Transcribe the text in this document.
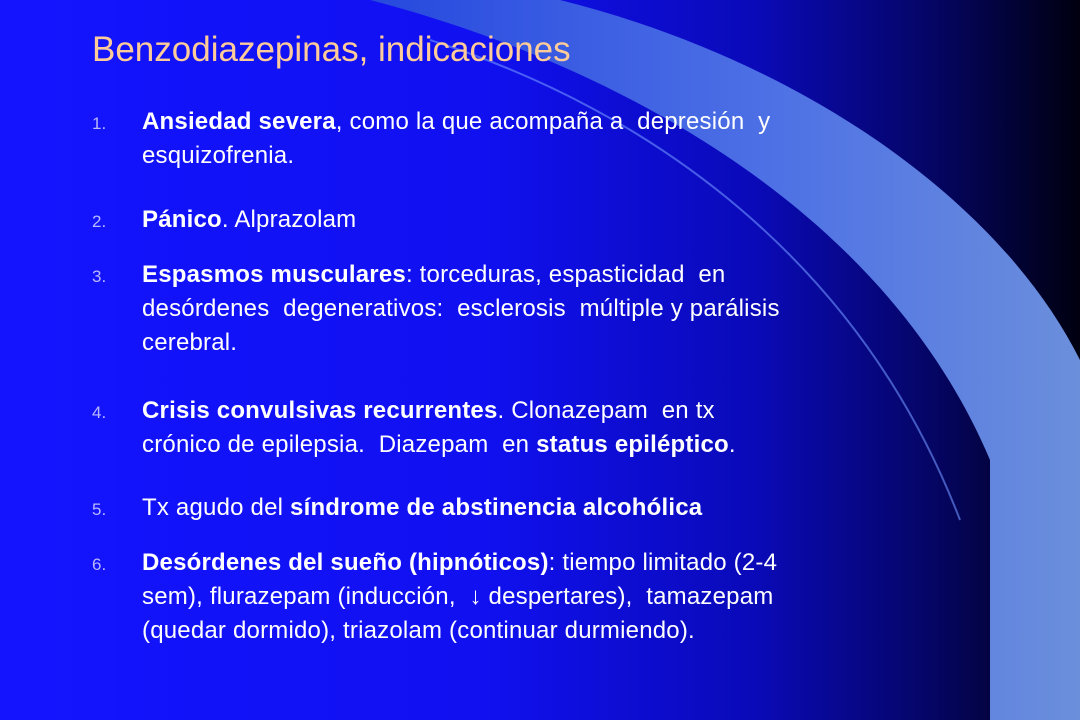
Benzodiazepinas, indicaciones
1. Ansiedad severa, como la que acompaña a  depresión  y
esquizofrenia.
2. Pánico. Alprazolam
3. Espasmos musculares: torceduras, espasticidad  en
desórdenes  degenerativos:  esclerosis  múltiple y parálisis
cerebral.
4. Crisis convulsivas recurrentes. Clonazepam  en tx
crónico de epilepsia.  Diazepam  en status epiléptico.
5. Tx agudo del síndrome de abstinencia alcohólica
6. Desórdenes del sueño (hipnóticos): tiempo limitado (2-4
sem), flurazepam (inducción,  ↓ despertares),  tamazepam
(quedar dormido), triazolam (continuar durmiendo).
